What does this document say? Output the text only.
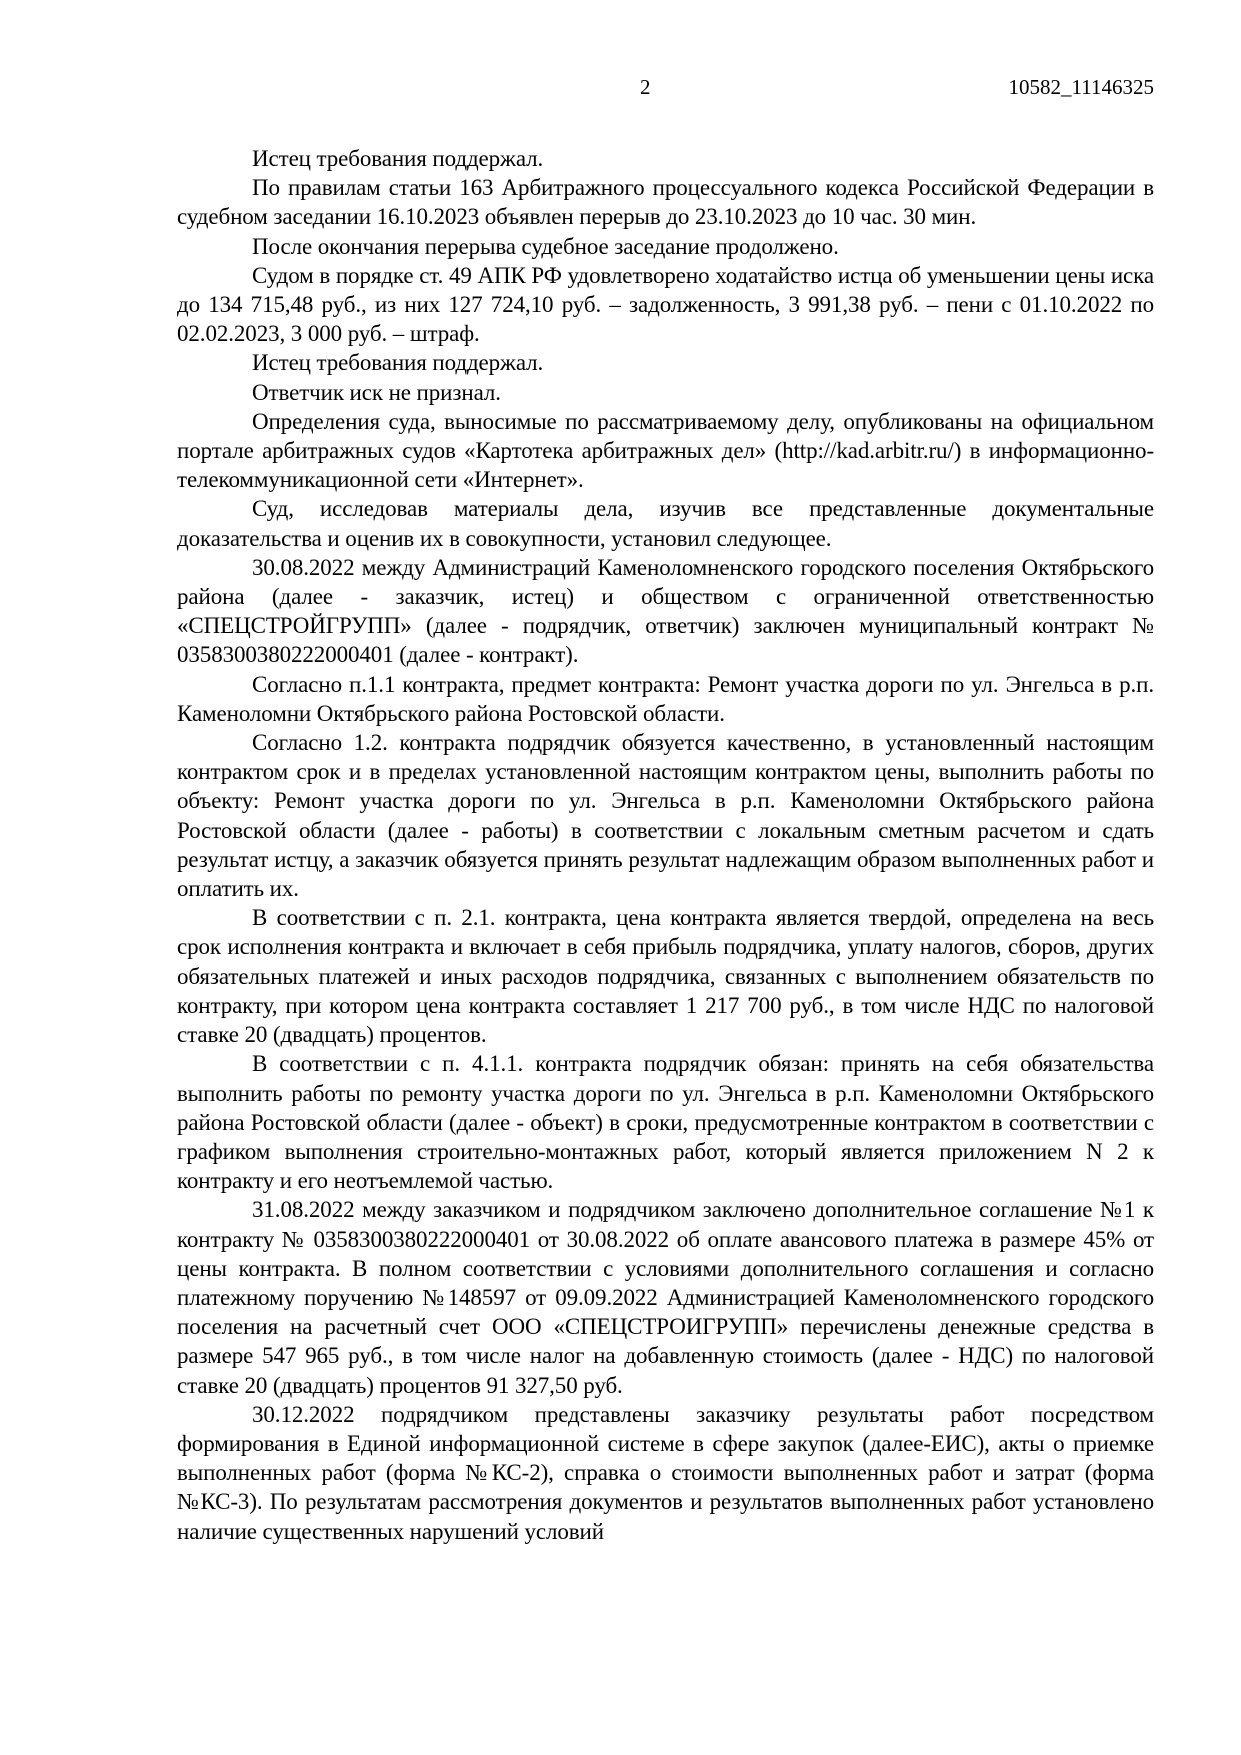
2	10582_11146325

Истец требования поддержал.

По правилам статьи 163 Арбитражного процессуального кодекса Российской Федерации в судебном заседании 16.10.2023 объявлен перерыв до 23.10.2023 до 10 час. 30 мин.

После окончания перерыва судебное заседание продолжено.

Судом в порядке ст. 49 АПК РФ удовлетворено ходатайство истца об уменьшении цены иска до 134 715,48 руб., из них 127 724,10 руб. – задолженность, 3 991,38 руб. – пени с 01.10.2022 по 02.02.2023, 3 000 руб. – штраф.

Истец требования поддержал.

Ответчик иск не признал.

Определения суда, выносимые по рассматриваемому делу, опубликованы на официальном портале арбитражных судов «Картотека арбитражных дел» (http://kad.arbitr.ru/) в информационно-телекоммуникационной сети «Интернет».

Суд, исследовав материалы дела, изучив все представленные документальные доказательства и оценив их в совокупности, установил следующее.

30.08.2022 между Администраций Каменоломненского городского поселения Октябрьского района (далее - заказчик, истец) и обществом с ограниченной ответственностью «СПЕЦСТРОЙГРУПП» (далее - подрядчик, ответчик) заключен муниципальный контракт № 0358300380222000401 (далее - контракт).

Согласно п.1.1 контракта, предмет контракта: Ремонт участка дороги по ул. Энгельса в р.п. Каменоломни Октябрьского района Ростовской области.

Согласно 1.2. контракта подрядчик обязуется качественно, в установленный настоящим контрактом срок и в пределах установленной настоящим контрактом цены, выполнить работы по объекту: Ремонт участка дороги по ул. Энгельса в р.п. Каменоломни Октябрьского района Ростовской области (далее - работы) в соответствии с локальным сметным расчетом и сдать результат истцу, а заказчик обязуется принять результат надлежащим образом выполненных работ и оплатить их.

В соответствии с п. 2.1. контракта, цена контракта является твердой, определена на весь срок исполнения контракта и включает в себя прибыль подрядчика, уплату налогов, сборов, других обязательных платежей и иных расходов подрядчика, связанных с выполнением обязательств по контракту, при котором цена контракта составляет 1 217 700 руб., в том числе НДС по налоговой ставке 20 (двадцать) процентов.

В соответствии с п. 4.1.1. контракта подрядчик обязан: принять на себя обязательства выполнить работы по ремонту участка дороги по ул. Энгельса в р.п. Каменоломни Октябрьского района Ростовской области (далее - объект) в сроки, предусмотренные контрактом в соответствии с графиком выполнения строительно-монтажных работ, который является приложением N 2 к контракту и его неотъемлемой частью.

31.08.2022 между заказчиком и подрядчиком заключено дополнительное соглашение №1 к контракту № 0358300380222000401 от 30.08.2022 об оплате авансового платежа в размере 45% от цены контракта. В полном соответствии с условиями дополнительного соглашения и согласно платежному поручению №148597 от 09.09.2022 Администрацией Каменоломненского городского поселения на расчетный счет ООО «СПЕЦСТРОИГРУПП» перечислены денежные средства в размере 547 965 руб., в том числе налог на добавленную стоимость (далее - НДС) по налоговой ставке 20 (двадцать) процентов 91 327,50 руб.

30.12.2022 подрядчиком представлены заказчику результаты работ посредством формирования в Единой информационной системе в сфере закупок (далее-ЕИС), акты о приемке выполненных работ (форма №КС-2), справка о стоимости выполненных работ и затрат (форма №КС-3). По результатам рассмотрения документов и результатов выполненных работ установлено наличие существенных нарушений условий
